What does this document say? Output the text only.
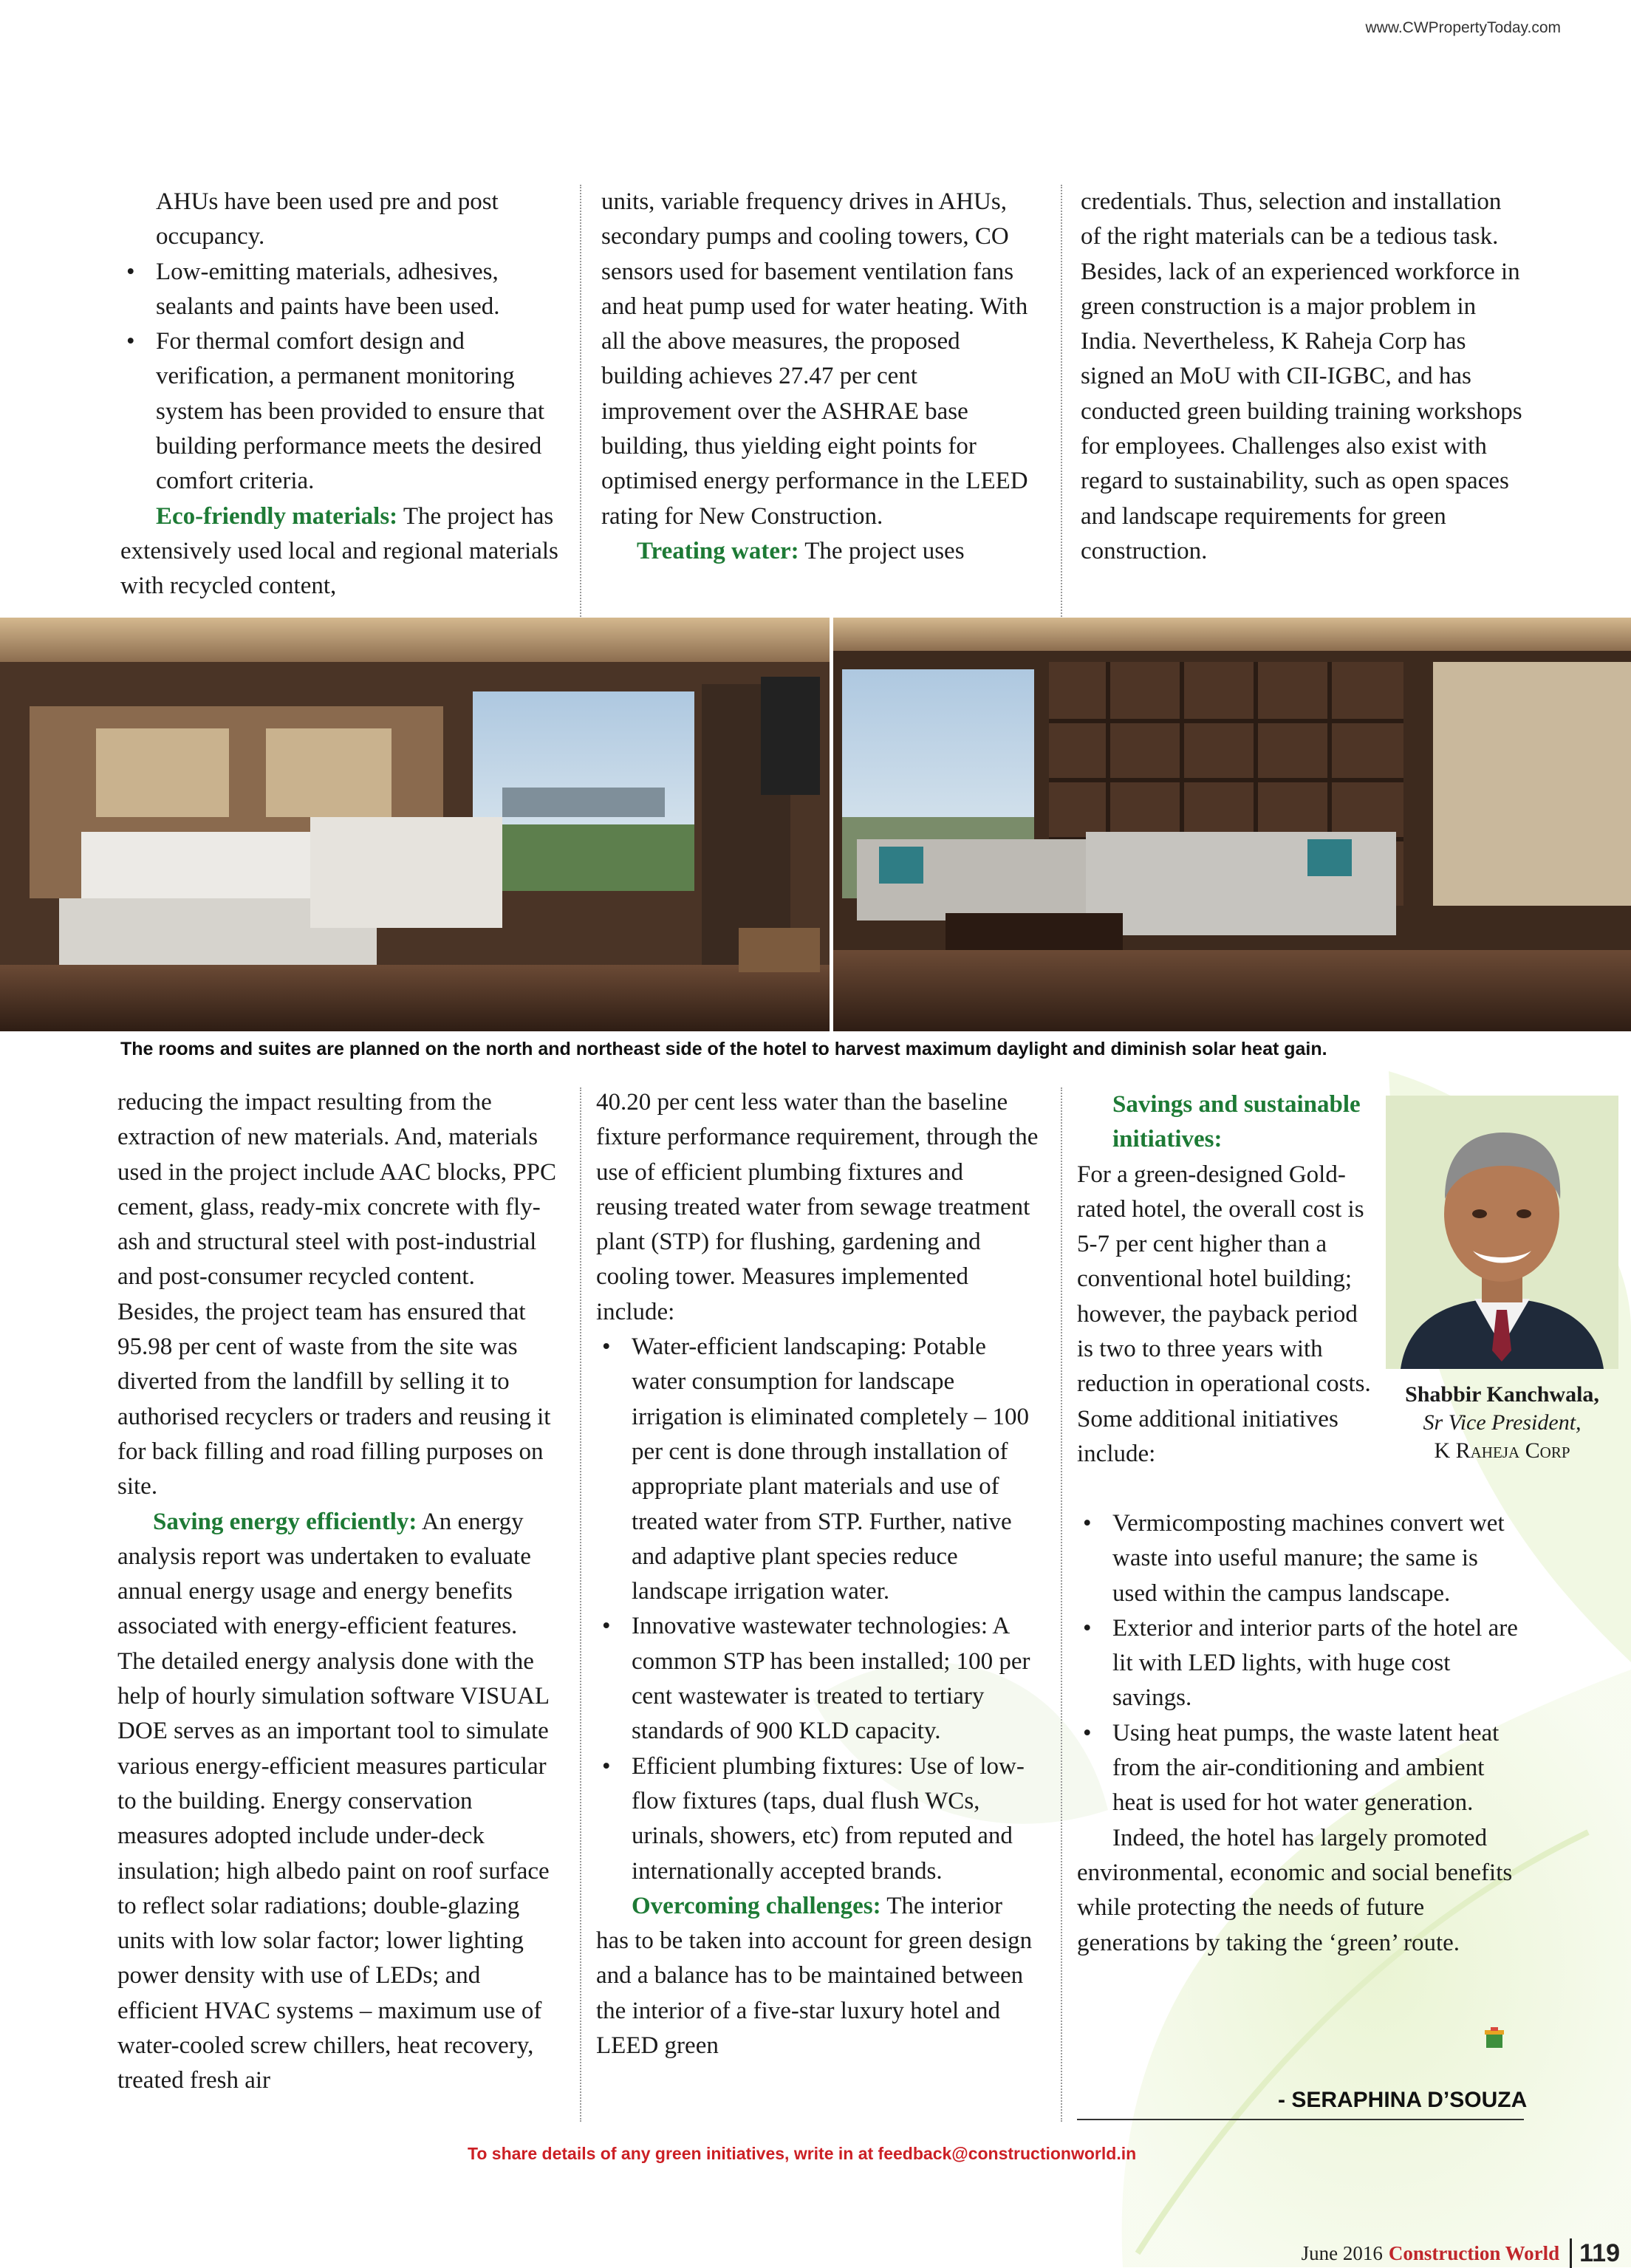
www.CWPropertyToday.com

AHUs have been used pre and post occupancy.

• Low-emitting materials, adhesives, sealants and paints have been used.
• For thermal comfort design and verification, a permanent monitoring system has been provided to ensure that building performance meets the desired comfort criteria.

Eco-friendly materials: The project has extensively used local and regional materials with recycled content,

units, variable frequency drives in AHUs, secondary pumps and cooling towers, CO sensors used for basement ventilation fans and heat pump used for water heating. With all the above measures, the proposed building achieves 27.47 per cent improvement over the ASHRAE base building, thus yielding eight points for optimised energy performance in the LEED rating for New Construction.

Treating water: The project uses

credentials. Thus, selection and installation of the right materials can be a tedious task. Besides, lack of an experienced workforce in green construction is a major problem in India. Nevertheless, K Raheja Corp has signed an MoU with CII-IGBC, and has conducted green building training workshops for employees. Challenges also exist with regard to sustainability, such as open spaces and landscape requirements for green construction.

The rooms and suites are planned on the north and northeast side of the hotel to harvest maximum daylight and diminish solar heat gain.

reducing the impact resulting from the extraction of new materials. And, materials used in the project include AAC blocks, PPC cement, glass, ready-mix concrete with fly-ash and structural steel with post-industrial and post-consumer recycled content. Besides, the project team has ensured that 95.98 per cent of waste from the site was diverted from the landfill by selling it to authorised recyclers or traders and reusing it for back filling and road filling purposes on site.

Saving energy efficiently: An energy analysis report was undertaken to evaluate annual energy usage and energy benefits associated with energy-efficient features. The detailed energy analysis done with the help of hourly simulation software VISUAL DOE serves as an important tool to simulate various energy-efficient measures particular to the building. Energy conservation measures adopted include under-deck insulation; high albedo paint on roof surface to reflect solar radiations; double-glazing units with low solar factor; lower lighting power density with use of LEDs; and efficient HVAC systems – maximum use of water-cooled screw chillers, heat recovery, treated fresh air

40.20 per cent less water than the baseline fixture performance requirement, through the use of efficient plumbing fixtures and reusing treated water from sewage treatment plant (STP) for flushing, gardening and cooling tower. Measures implemented include:

• Water-efficient landscaping: Potable water consumption for landscape irrigation is eliminated completely – 100 per cent is done through installation of appropriate plant materials and use of treated water from STP. Further, native and adaptive plant species reduce landscape irrigation water.
• Innovative wastewater technologies: A common STP has been installed; 100 per cent wastewater is treated to tertiary standards of 900 KLD capacity.
• Efficient plumbing fixtures: Use of low-flow fixtures (taps, dual flush WCs, urinals, showers, etc) from reputed and internationally accepted brands.

Overcoming challenges: The interior has to be taken into account for green design and a balance has to be maintained between the interior of a five-star luxury hotel and LEED green

Savings and sustainable initiatives:

For a green-designed Gold-rated hotel, the overall cost is 5-7 per cent higher than a conventional hotel building; however, the payback period is two to three years with reduction in operational costs. Some additional initiatives include:

• Vermicomposting machines convert wet waste into useful manure; the same is used within the campus landscape.
• Exterior and interior parts of the hotel are lit with LED lights, with huge cost savings.
• Using heat pumps, the waste latent heat from the air-conditioning and ambient heat is used for hot water generation.

Indeed, the hotel has largely promoted environmental, economic and social benefits while protecting the needs of future generations by taking the ‘green’ route.

Shabbir Kanchwala,
Sr Vice President,
K Raheja Corp
- SERAPHINA D’SOUZA
To share details of any green initiatives, write in at feedback@constructionworld.in
June 2016 Construction World 119
